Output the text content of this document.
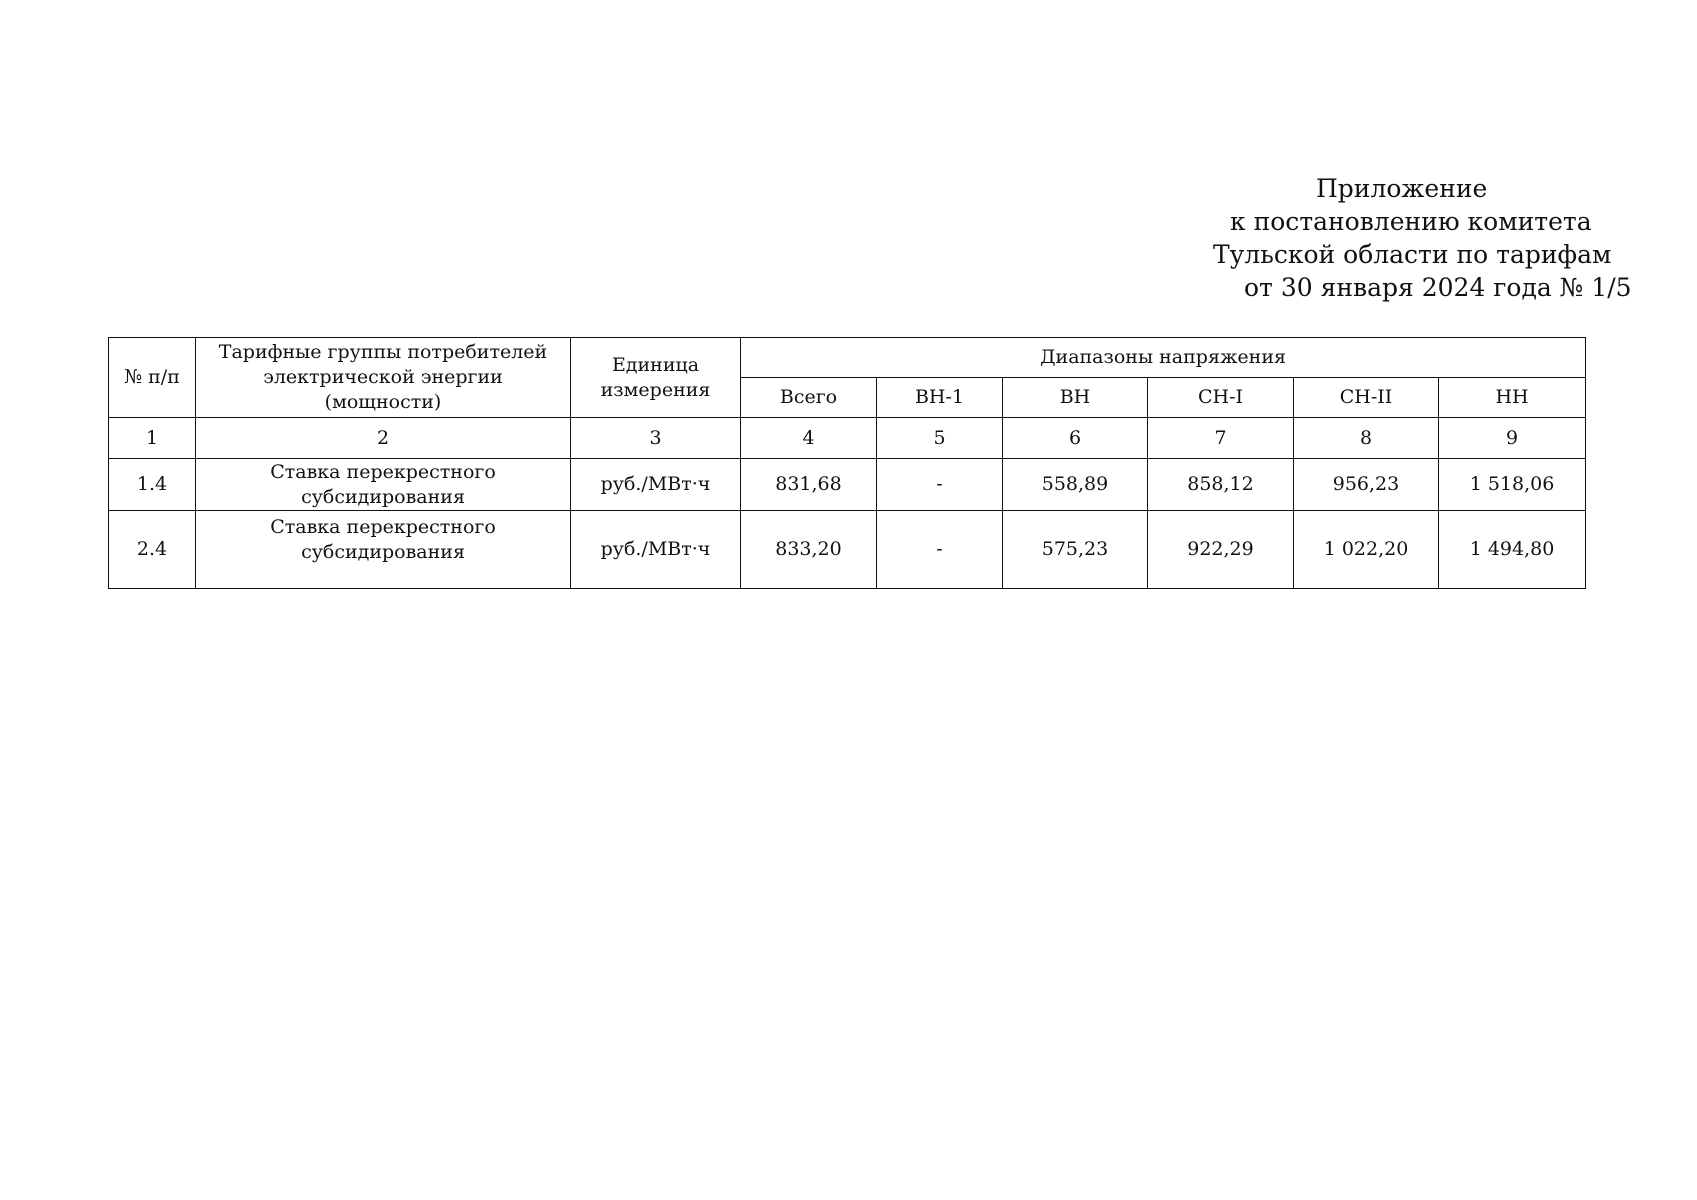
Приложение
к постановлению комитета
Тульской области по тарифам
от 30 января 2024 года № 1/5
№ п/п	Тарифные группы потребителей электрической энергии (мощности)	Единица измерения	Диапазоны напряжения					
			Всего	ВН-1	ВН	СН-I	СН-II	НН
1	2	3	4	5	6	7	8	9
1.4	Ставка перекрестного субсидирования	руб./МВт·ч	831,68	-	558,89	858,12	956,23	1 518,06
2.4	Ставка перекрестного субсидирования	руб./МВт·ч	833,20	-	575,23	922,29	1 022,20	1 494,80
